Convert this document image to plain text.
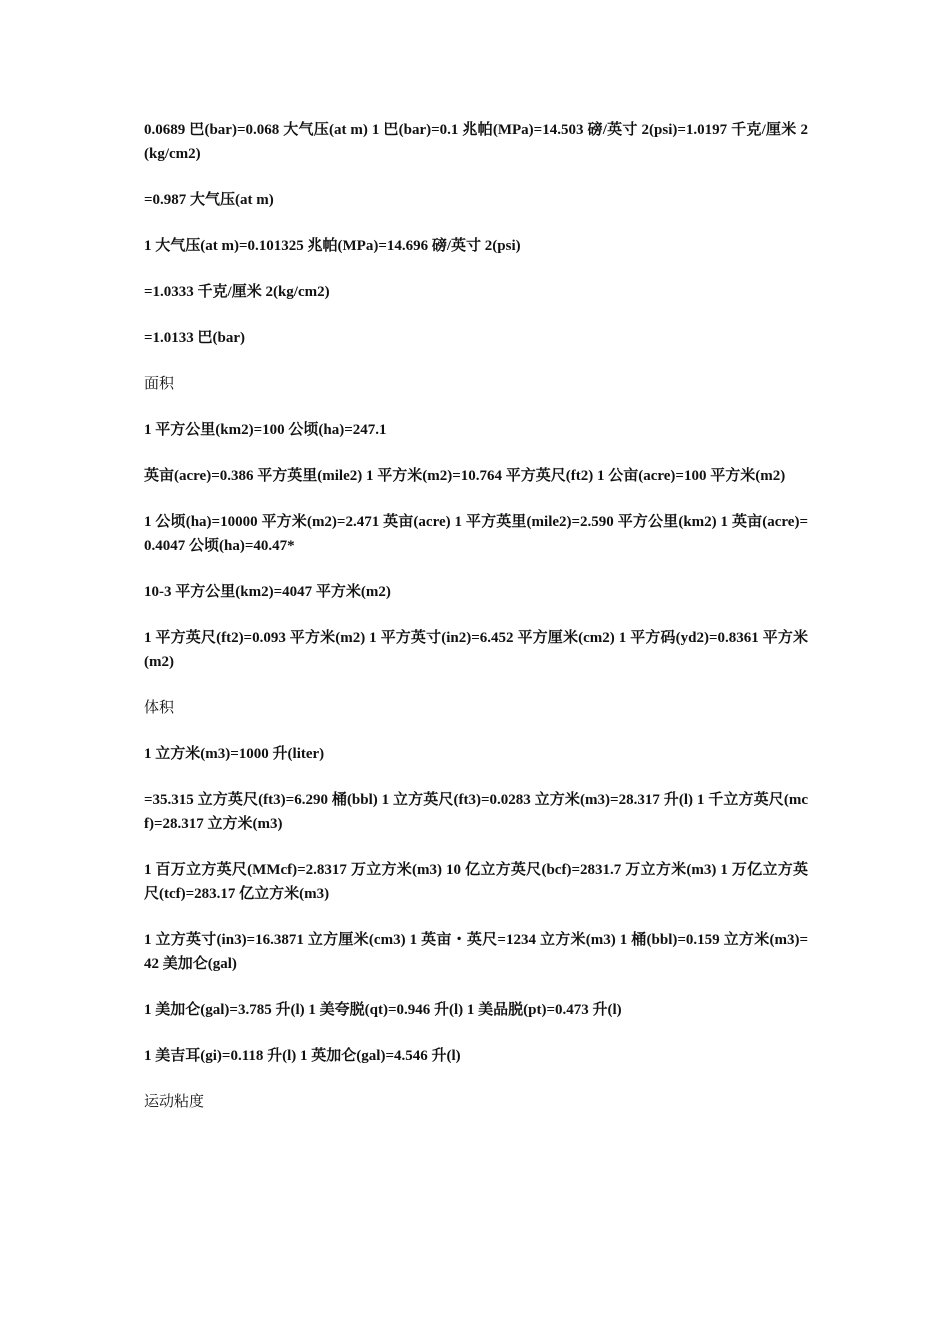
0.0689 巴(bar)=0.068 大气压(at m) 1 巴(bar)=0.1 兆帕(MPa)=14.503 磅/英寸 2(psi)=1.0197 千克/厘米 2(kg/cm2)

=0.987 大气压(at m)

1 大气压(at m)=0.101325 兆帕(MPa)=14.696 磅/英寸 2(psi)

=1.0333 千克/厘米 2(kg/cm2)

=1.0133 巴(bar)

面积

1 平方公里(km2)=100 公顷(ha)=247.1

英亩(acre)=0.386 平方英里(mile2) 1 平方米(m2)=10.764 平方英尺(ft2) 1 公亩(acre)=100 平方米(m2)

1 公顷(ha)=10000 平方米(m2)=2.471 英亩(acre) 1 平方英里(mile2)=2.590 平方公里(km2) 1 英亩(acre)=0.4047 公顷(ha)=40.47*

10-3 平方公里(km2)=4047 平方米(m2)

1 平方英尺(ft2)=0.093 平方米(m2) 1 平方英寸(in2)=6.452 平方厘米(cm2) 1 平方码(yd2)=0.8361 平方米(m2)

体积

1 立方米(m3)=1000 升(liter)

=35.315 立方英尺(ft3)=6.290 桶(bbl) 1 立方英尺(ft3)=0.0283 立方米(m3)=28.317 升(l) 1 千立方英尺(mcf)=28.317 立方米(m3)

1 百万立方英尺(MMcf)=2.8317 万立方米(m3) 10 亿立方英尺(bcf)=2831.7 万立方米(m3) 1 万亿立方英尺(tcf)=283.17 亿立方米(m3)

1 立方英寸(in3)=16.3871 立方厘米(cm3) 1 英亩・英尺=1234 立方米(m3) 1 桶(bbl)=0.159 立方米(m3)=42 美加仑(gal)

1 美加仑(gal)=3.785 升(l) 1 美夸脱(qt)=0.946 升(l) 1 美品脱(pt)=0.473 升(l)

1 美吉耳(gi)=0.118 升(l) 1 英加仑(gal)=4.546 升(l)

运动粘度
